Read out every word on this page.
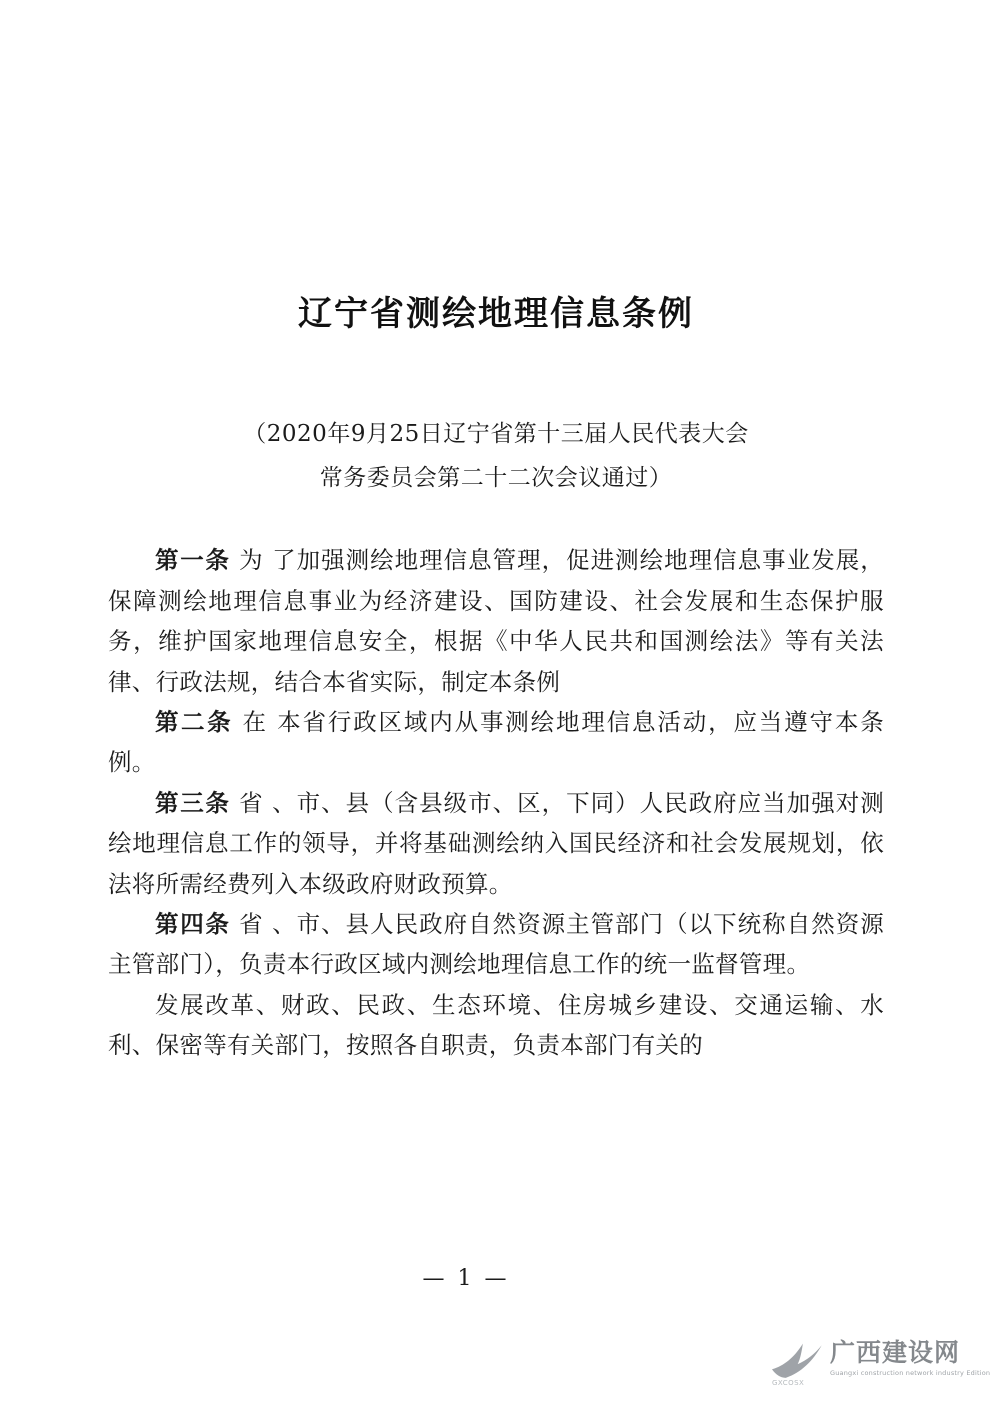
辽宁省测绘地理信息条例
（2020年9月25日辽宁省第十三届人民代表大会
常务委员会第二十二次会议通过）

第一条 为 了加强测绘地理信息管理，促进测绘地理信息事业发展，保障测绘地理信息事业为经济建设、国防建设、社会发展和生态保护服务，维护国家地理信息安全，根据《中华人民共和国测绘法》等有关法律、行政法规，结合本省实际，制定本条例

第二条 在 本省行政区域内从事测绘地理信息活动，应当遵守本条例。

第三条 省 、市、县（含县级市、区，下同）人民政府应当加强对测绘地理信息工作的领导，并将基础测绘纳入国民经济和社会发展规划，依法将所需经费列入本级政府财政预算。

第四条 省 、市、县人民政府自然资源主管部门（以下统称自然资源主管部门），负责本行政区域内测绘地理信息工作的统一监督管理。

发展改革、财政、民政、生态环境、住房城乡建设、交通运输、水利、保密等有关部门，按照各自职责，负责本部门有关的

— 1 —
GXCOSX
广西建设网
Guangxi construction network industry Edition
